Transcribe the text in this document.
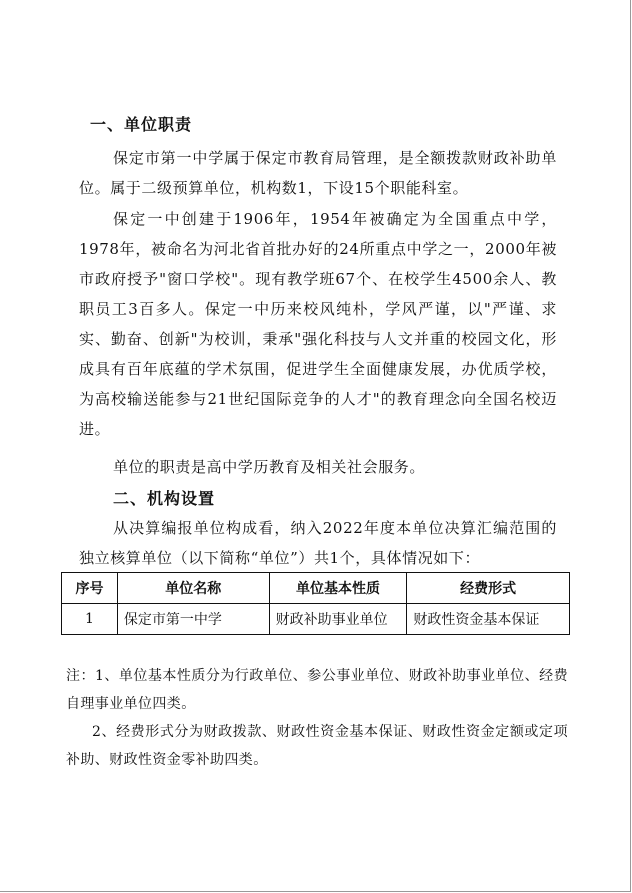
一、单位职责

保定市第一中学属于保定市教育局管理，是全额拨款财政补助单位。属于二级预算单位，机构数1，下设15个职能科室。

保定一中创建于1906年，1954年被确定为全国重点中学，1978年，被命名为河北省首批办好的24所重点中学之一，2000年被市政府授予"窗口学校"。现有教学班67个、在校学生4500余人、教职员工3百多人。保定一中历来校风纯朴，学风严谨，以"严谨、求实、勤奋、创新"为校训，秉承"强化科技与人文并重的校园文化，形成具有百年底蕴的学术氛围，促进学生全面健康发展，办优质学校，为高校输送能参与21世纪国际竞争的人才"的教育理念向全国名校迈进。

单位的职责是高中学历教育及相关社会服务。

二、机构设置

从决算编报单位构成看，纳入2022年度本单位决算汇编范围的独立核算单位（以下简称“单位”）共1个，具体情况如下：

序号	单位名称	单位基本性质	经费形式
1	保定市第一中学	财政补助事业单位	财政性资金基本保证

注：1、单位基本性质分为行政单位、参公事业单位、财政补助事业单位、经费自理事业单位四类。

2、经费形式分为财政拨款、财政性资金基本保证、财政性资金定额或定项补助、财政性资金零补助四类。
